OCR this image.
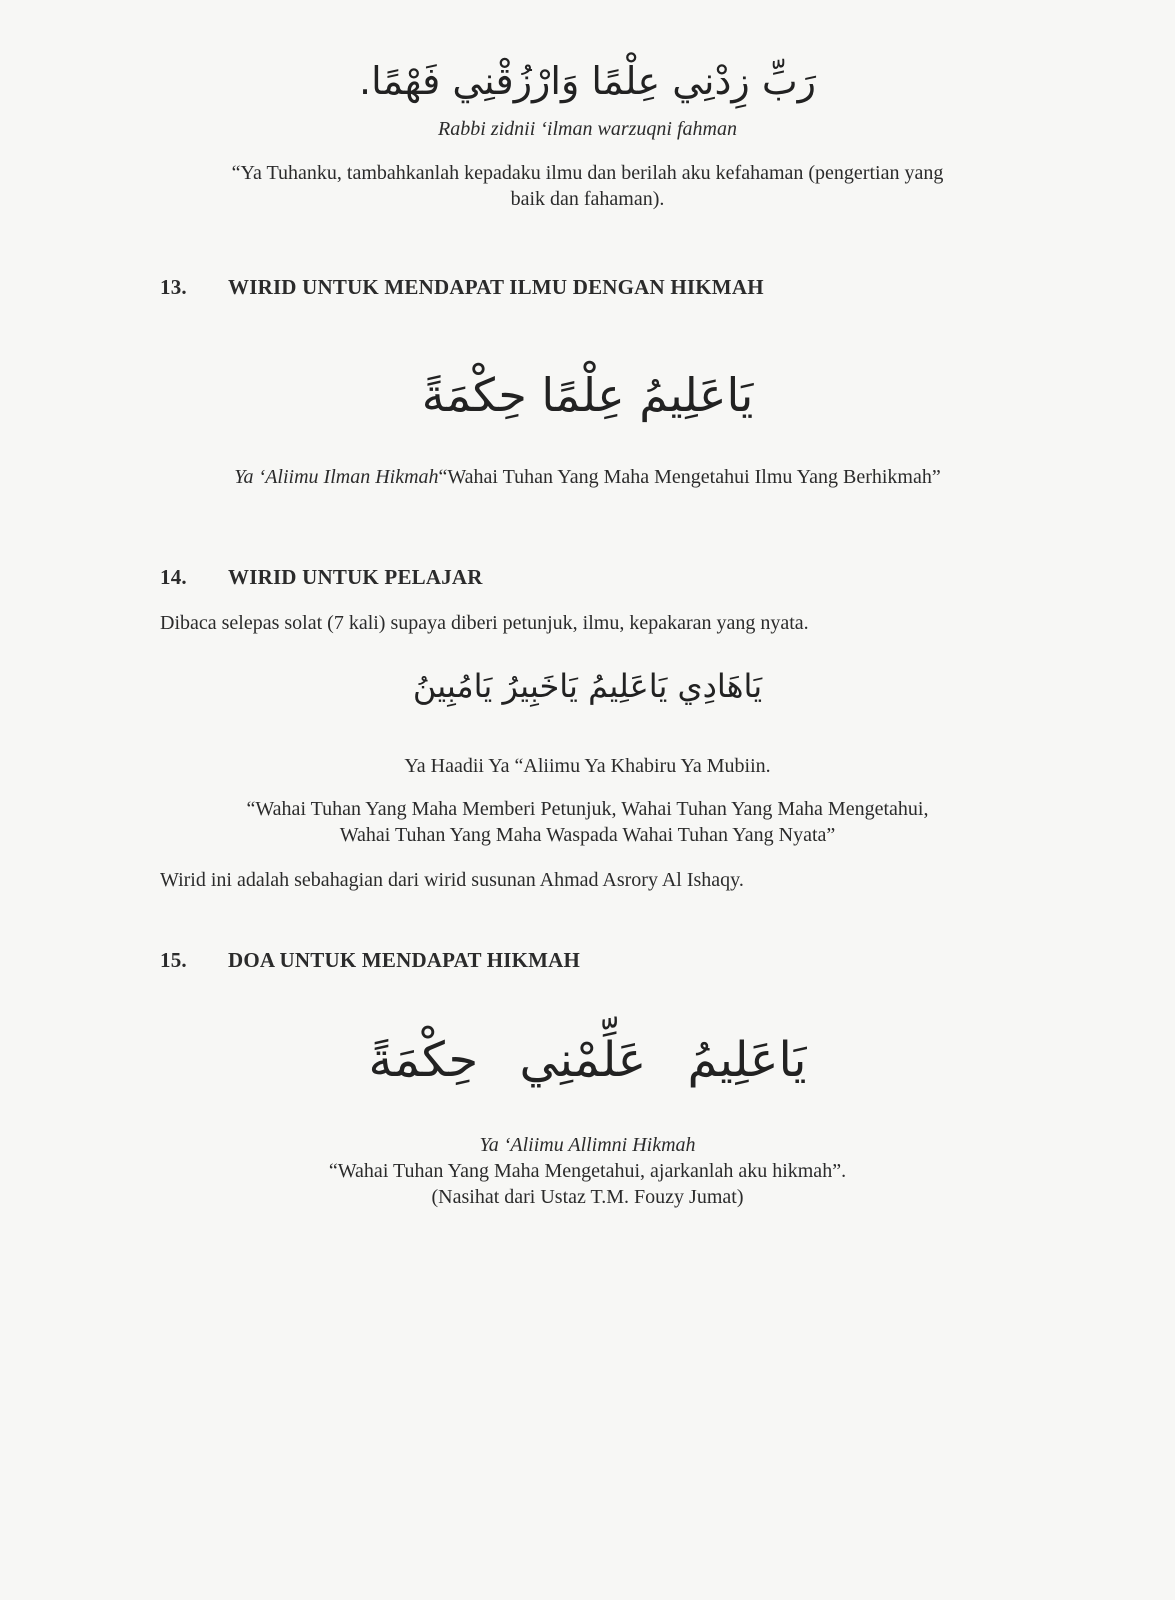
رَبِّ زِدْنِي عِلْمًا وَارْزُقْنِي فَهْمًا.
Rabbi zidnii ‘ilman warzuqni fahman
“Ya Tuhanku, tambahkanlah kepadaku ilmu dan berilah aku kefahaman (pengertian yang
baik dan fahaman).
13. WIRID UNTUK MENDAPAT ILMU DENGAN HIKMAH
يَاعَلِيمُ عِلْمًا حِكْمَةً
Ya ‘Aliimu Ilman Hikmah“Wahai Tuhan Yang Maha Mengetahui Ilmu Yang Berhikmah”
14. WIRID UNTUK PELAJAR
Dibaca selepas solat (7 kali) supaya diberi petunjuk, ilmu, kepakaran yang nyata.
يَاهَادِي يَاعَلِيمُ يَاخَبِيرُ يَامُبِينُ
Ya Haadii Ya “Aliimu Ya Khabiru Ya Mubiin.
“Wahai Tuhan Yang Maha Memberi Petunjuk, Wahai Tuhan Yang Maha Mengetahui,
Wahai Tuhan Yang Maha Waspada Wahai Tuhan Yang Nyata”
Wirid ini adalah sebahagian dari wirid susunan Ahmad Asrory Al Ishaqy.
15. DOA UNTUK MENDAPAT HIKMAH
يَاعَلِيمُ عَلِّمْنِي حِكْمَةً
Ya ‘Aliimu Allimni Hikmah
“Wahai Tuhan Yang Maha Mengetahui, ajarkanlah aku hikmah”.
(Nasihat dari Ustaz T.M. Fouzy Jumat)
